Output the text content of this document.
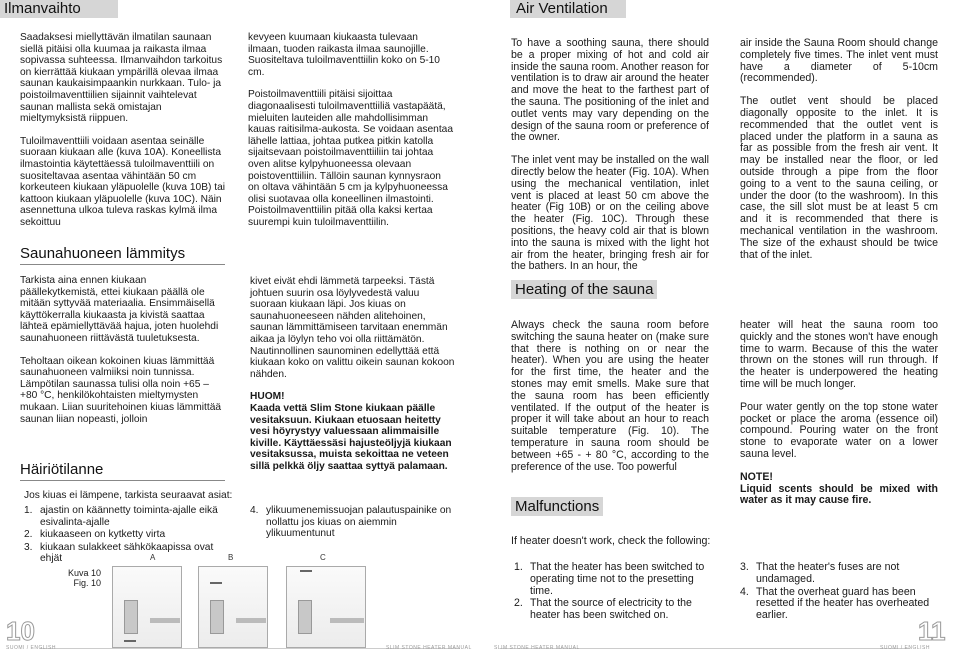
Ilmanvaihto

Saadaksesi miellyttävän ilmatilan saunaan siellä pitäisi olla kuumaa ja raikasta ilmaa sopivassa suhteessa. Ilmanvaihdon tarkoitus on kierrättää kiukaan ympärillä olevaa ilmaa saunan kaukaisimpaankin nurkkaan. Tulo- ja poistoilmaventtiilien sijainnit vaihtelevat saunan mallista sekä omistajan mieltymyksistä riippuen.

Tuloilmaventtiili voidaan asentaa seinälle suoraan kiukaan alle (kuva 10A). Koneellista ilmastointia käytettäessä tuloilmaventtiili on suositeltavaa asentaa vähintään 50 cm korkeuteen kiukaan yläpuolelle (kuva 10B) tai kattoon kiukaan yläpuolelle (kuva 10C). Näin asennettuna ulkoa tuleva raskas kylmä ilma sekoittuu

kevyeen kuumaan kiukaasta tulevaan ilmaan, tuoden raikasta ilmaa saunojille. Suositeltava tuloilmaventtiilin koko on 5-10 cm.

Poistoilmaventtiili pitäisi sijoittaa diagonaalisesti tuloilmaventtiiliä vastapäätä, mieluiten lauteiden alle mahdollisimman kauas raitisilma-aukosta. Se voidaan asentaa lähelle lattiaa, johtaa putkea pitkin katolla sijaitsevaan poistoilmaventtiiliin tai johtaa oven alitse kylpyhuoneessa olevaan poistoventtiiliin. Tällöin saunan kynnysraon on oltava vähintään 5 cm ja kylpyhuoneessa olisi suotavaa olla koneellinen ilmastointi. Poistoilmaventtiilin pitää olla kaksi kertaa suurempi kuin tuloilmaventtiilin.

Saunahuoneen lämmitys

Tarkista aina ennen kiukaan päällekytkemistä, ettei kiukaan päällä ole mitään syttyvää materiaalia. Ensimmäisellä käyttökerralla kiukaasta ja kivistä saattaa lähteä epämiellyttävää hajua, joten huolehdi saunahuoneen riittävästä tuuletuksesta.

Teholtaan oikean kokoinen kiuas lämmittää saunahuoneen valmiiksi noin tunnissa. Lämpötilan saunassa tulisi olla noin +65 – +80 °C, henkilökohtaisten mieltymysten mukaan. Liian suuritehoinen kiuas lämmittää saunan liian nopeasti, jolloin

kivet eivät ehdi lämmetä tarpeeksi. Tästä johtuen suurin osa löylyvedestä valuu suoraan kiukaan läpi. Jos kiuas on saunahuoneeseen nähden alitehoinen, saunan lämmittämiseen tarvitaan enemmän aikaa ja löylyn teho voi olla riittämätön. Nautinnollinen saunominen edellyttää että kiukaan koko on valittu oikein saunan kokoon nähden.

HUOM!
Kaada vettä Slim Stone kiukaan päälle vesitaksuun. Kiukaan etuosaan heitetty vesi höyrystyy valuessaan alimmaisille kiville. Käyttäessäsi hajusteöljyjä kiukaan vesitaksussa, muista sekoittaa ne veteen sillä pelkkä öljy saattaa syttyä palamaan.
Häiriötilanne
Jos kiuas ei lämpene, tarkista seuraavat asiat:
1. ajastin on käännetty toiminta-ajalle eikä esivalinta-ajalle
2. kiukaaseen on kytketty virta
3. kiukaan sulakkeet sähkökaapissa ovat ehjät
4. ylikuumenemissuojan palautuspainike on nollattu jos kiuas on aiemmin ylikuumentunut
Kuva 10
Fig. 10
A	B	C
10
SUOMI / ENGLISH	SLIM STONE HEATER MANUAL
Air Ventilation

To have a soothing sauna, there should be a proper mixing of hot and cold air inside the sauna room. Another reason for ventilation is to draw air around the heater and move the heat to the farthest part of the sauna. The positioning of the inlet and outlet vents may vary depending on the design of the sauna room or preference of the owner.

The inlet vent may be installed on the wall directly below the heater (Fig. 10A). When using the mechanical ventilation, inlet vent is placed at least 50 cm above the heater (Fig 10B) or on the ceiling above the heater (Fig. 10C). Through these positions, the heavy cold air that is blown into the sauna is mixed with the light hot air from the heater, bringing fresh air for the bathers. In an hour, the

air inside the Sauna Room should change completely five times. The inlet vent must have a diameter of 5-10cm (recommended).

The outlet vent should be placed diagonally opposite to the inlet. It is recommended that the outlet vent is placed under the platform in a sauna as far as possible from the fresh air vent. It may be installed near the floor, or led outside through a pipe from the floor going to a vent to the sauna ceiling, or under the door (to the washroom). In this case, the sill slot must be at least 5 cm and it is recommended that there is mechanical ventilation in the washroom. The size of the exhaust should be twice that of the inlet.

Heating of the sauna

Always check the sauna room before switching the sauna heater on (make sure that there is nothing on or near the heater). When you are using the heater for the first time, the heater and the stones may emit smells. Make sure that the sauna room has been efficiently ventilated. If the output of the heater is proper it will take about an hour to reach suitable temperature (Fig. 10). The temperature in sauna room should be between +65 - + 80 °C, according to the preference of the use. Too powerful

heater will heat the sauna room too quickly and the stones won't have enough time to warm. Because of this the water thrown on the stones will run through. If the heater is underpowered the heating time will be much longer.

Pour water gently on the top stone water pocket or place the aroma (essence oil) compound. Pouring water on the front stone to evaporate water on a lower sauna level.

NOTE!
Liquid scents should be mixed with water as it may cause fire.
Malfunctions
If heater doesn't work, check the following:
1. That the heater has been switched to operating time not to the presetting time.
2. That the source of electricity to the heater has been switched on.
3. That the heater's fuses are not undamaged.
4. That the overheat guard has been resetted if the heater has overheated earlier.
11
SLIM STONE HEATER MANUAL	SUOMI / ENGLISH
